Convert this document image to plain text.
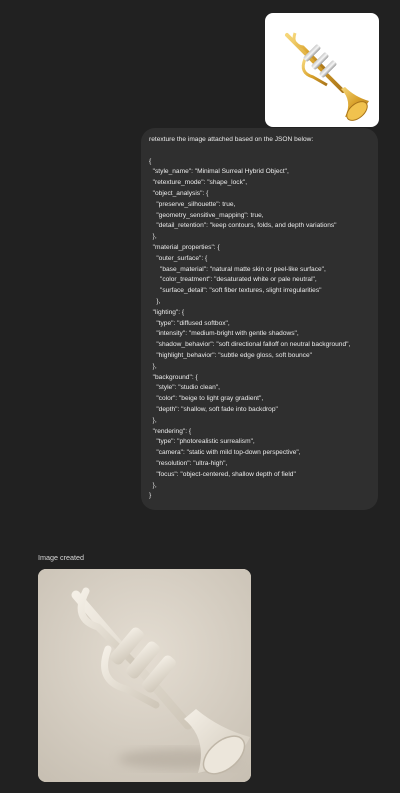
retexture the image attached based on the JSON below:
{
"style_name": "Minimal Surreal Hybrid Object",
"retexture_mode": "shape_lock",
"object_analysis": {
"preserve_silhouette": true,
"geometry_sensitive_mapping": true,
"detail_retention": "keep contours, folds, and depth variations"
},
"material_properties": {
"outer_surface": {
"base_material": "natural matte skin or peel-like surface",
"color_treatment": "desaturated white or pale neutral",
"surface_detail": "soft fiber textures, slight irregularities"
},
"lighting": {
"type": "diffused softbox",
"intensity": "medium-bright with gentle shadows",
"shadow_behavior": "soft directional falloff on neutral background",
"highlight_behavior": "subtle edge gloss, soft bounce"
},
"background": {
"style": "studio clean",
"color": "beige to light gray gradient",
"depth": "shallow, soft fade into backdrop"
},
"rendering": {
"type": "photorealistic surrealism",
"camera": "static with mild top-down perspective",
"resolution": "ultra-high",
"focus": "object-centered, shallow depth of field"
},
}
Image created
